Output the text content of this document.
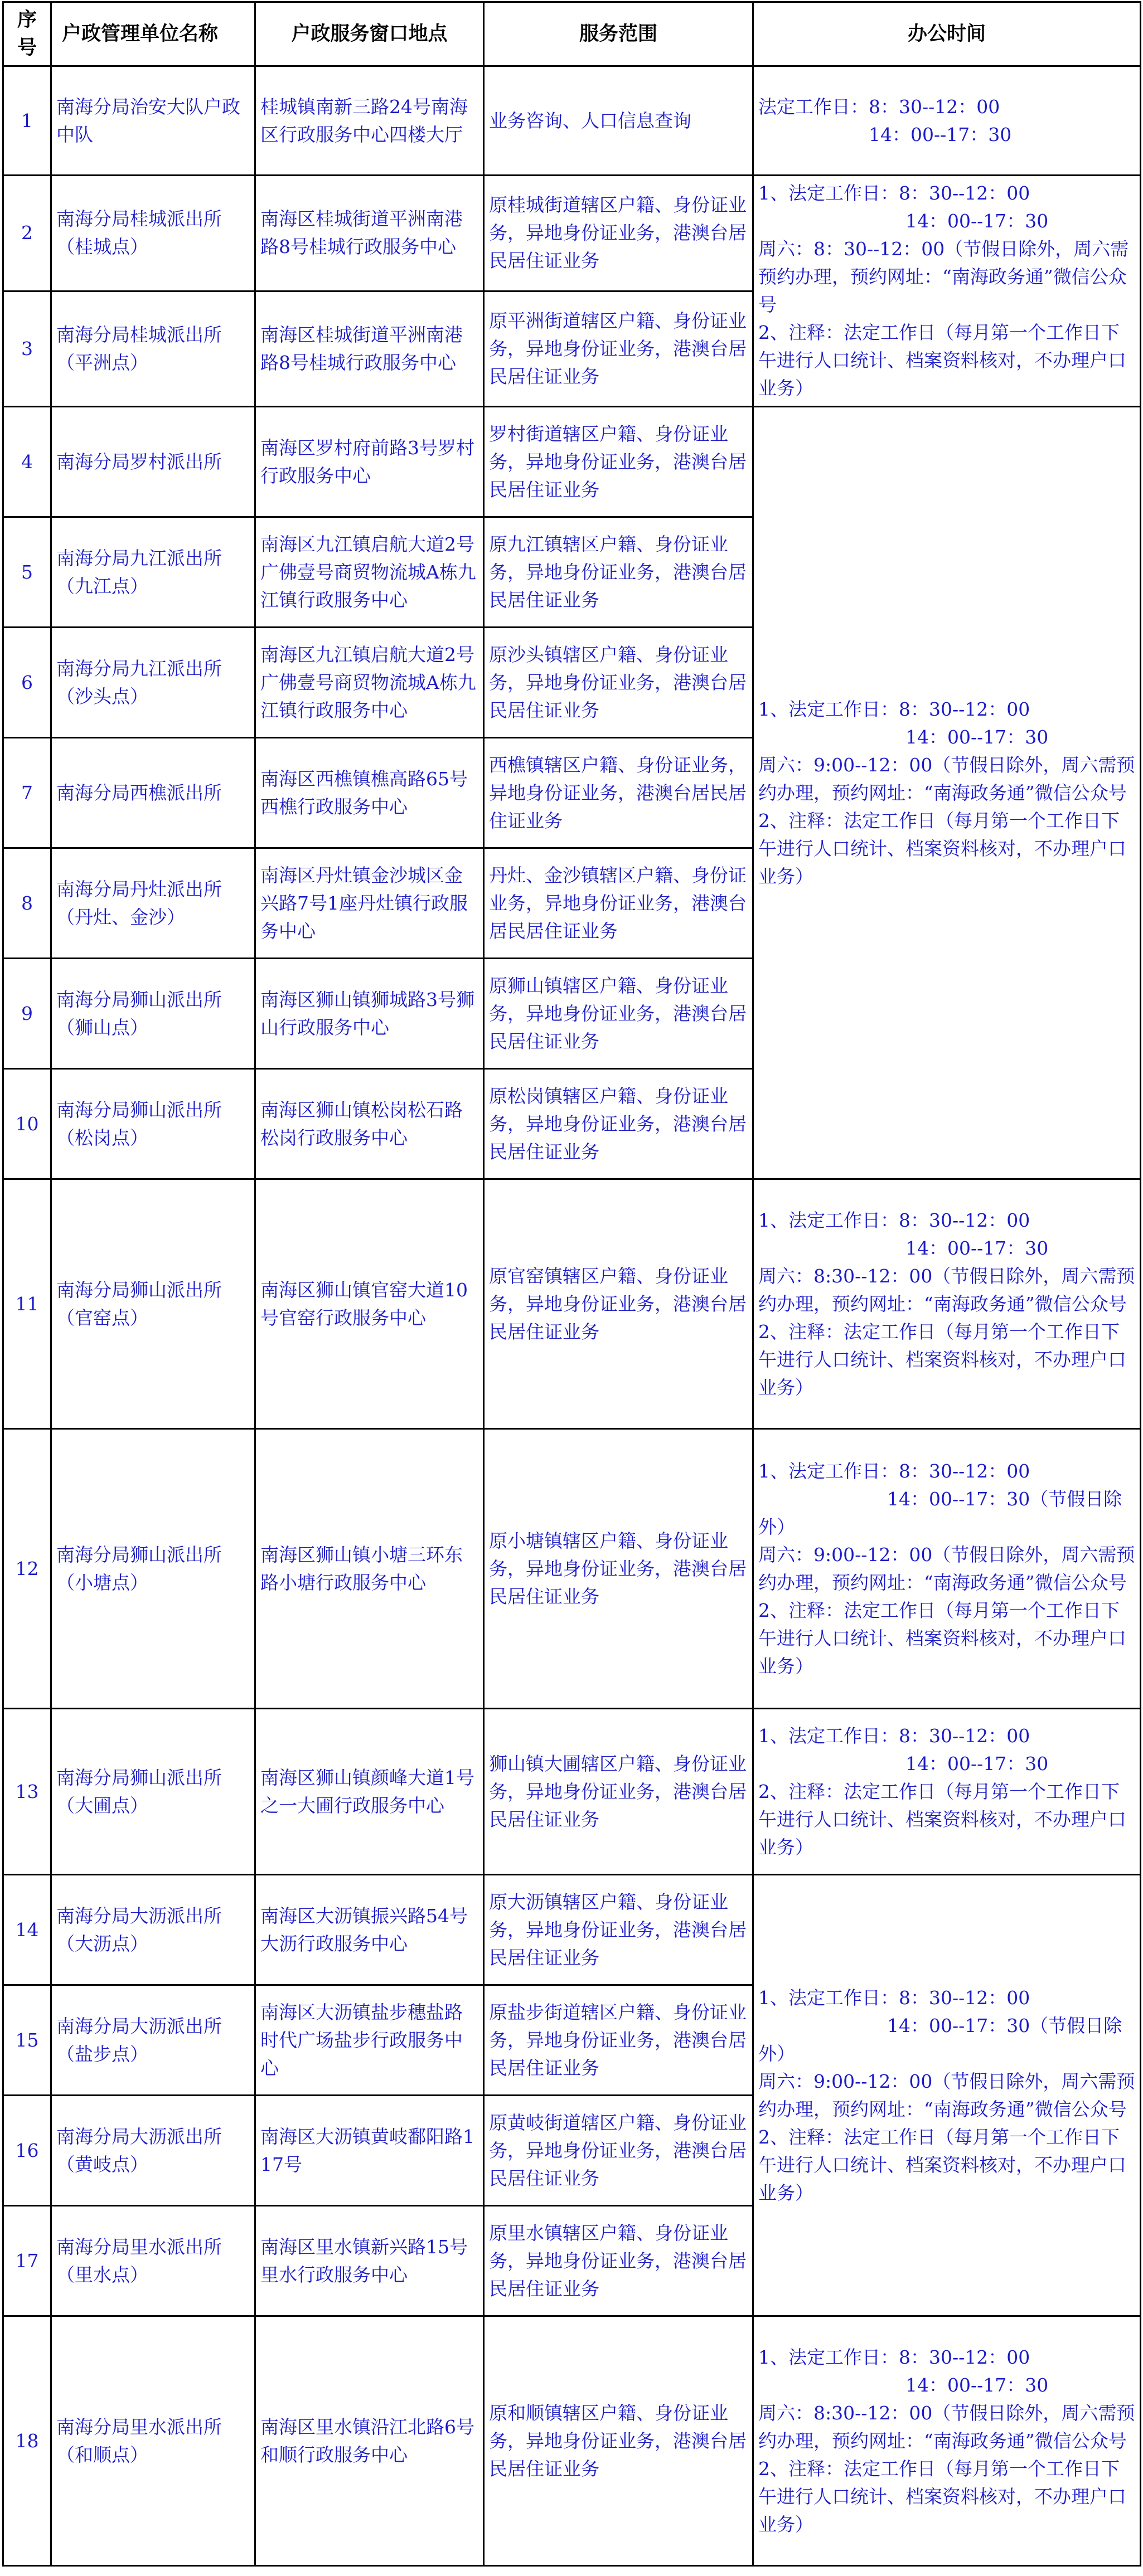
序号	户政管理单位名称	户政服务窗口地点	服务范围	办公时间
1	南海分局治安大队户政中队	桂城镇南新三路24号南海区行政服务中心四楼大厅	业务咨询、人口信息查询	法定工作日：8：30--12：00
　　　　　　14：00--17：30
2	南海分局桂城派出所（桂城点）	南海区桂城街道平洲南港路8号桂城行政服务中心	原桂城街道辖区户籍、身份证业务，异地身份证业务，港澳台居民居住证业务	1、法定工作日：8：30--12：00
　　　　　　　　14：00--17：30
周六：8：30--12：00（节假日除外，周六需预约办理，预约网址：“南海政务通”微信公众号
2、注释：法定工作日（每月第一个工作日下午进行人口统计、档案资料核对，不办理户口业务）
3	南海分局桂城派出所（平洲点）	南海区桂城街道平洲南港路8号桂城行政服务中心	原平洲街道辖区户籍、身份证业务，异地身份证业务，港澳台居民居住证业务	
4	南海分局罗村派出所	南海区罗村府前路3号罗村行政服务中心	罗村街道辖区户籍、身份证业务，异地身份证业务，港澳台居民居住证业务	1、法定工作日：8：30--12：00
　　　　　　　　14：00--17：30
周六：9:00--12：00（节假日除外，周六需预约办理，预约网址：“南海政务通”微信公众号
2、注释：法定工作日（每月第一个工作日下午进行人口统计、档案资料核对，不办理户口业务）
5	南海分局九江派出所（九江点）	南海区九江镇启航大道2号广佛壹号商贸物流城A栋九江镇行政服务中心	原九江镇辖区户籍、身份证业务，异地身份证业务，港澳台居民居住证业务	
6	南海分局九江派出所（沙头点）	南海区九江镇启航大道2号广佛壹号商贸物流城A栋九江镇行政服务中心	原沙头镇辖区户籍、身份证业务，异地身份证业务，港澳台居民居住证业务	
7	南海分局西樵派出所	南海区西樵镇樵高路65号西樵行政服务中心	西樵镇辖区户籍、身份证业务，异地身份证业务，港澳台居民居住证业务	
8	南海分局丹灶派出所（丹灶、金沙）	南海区丹灶镇金沙城区金兴路7号1座丹灶镇行政服务中心	丹灶、金沙镇辖区户籍、身份证业务，异地身份证业务，港澳台居民居住证业务	
9	南海分局狮山派出所（狮山点）	南海区狮山镇狮城路3号狮山行政服务中心	原狮山镇辖区户籍、身份证业务，异地身份证业务，港澳台居民居住证业务	
10	南海分局狮山派出所（松岗点）	南海区狮山镇松岗松石路松岗行政服务中心	原松岗镇辖区户籍、身份证业务，异地身份证业务，港澳台居民居住证业务	
11	南海分局狮山派出所（官窑点）	南海区狮山镇官窑大道10号官窑行政服务中心	原官窑镇辖区户籍、身份证业务，异地身份证业务，港澳台居民居住证业务	1、法定工作日：8：30--12：00
　　　　　　　　14：00--17：30
周六：8:30--12：00（节假日除外，周六需预约办理，预约网址：“南海政务通”微信公众号
2、注释：法定工作日（每月第一个工作日下午进行人口统计、档案资料核对，不办理户口业务）
12	南海分局狮山派出所（小塘点）	南海区狮山镇小塘三环东路小塘行政服务中心	原小塘镇辖区户籍、身份证业务，异地身份证业务，港澳台居民居住证业务	1、法定工作日：8：30--12：00
　　　　　　　14：00--17：30（节假日除外）
周六：9:00--12：00（节假日除外，周六需预约办理，预约网址：“南海政务通”微信公众号
2、注释：法定工作日（每月第一个工作日下午进行人口统计、档案资料核对，不办理户口业务）
13	南海分局狮山派出所（大圃点）	南海区狮山镇颜峰大道1号之一大圃行政服务中心	狮山镇大圃辖区户籍、身份证业务，异地身份证业务，港澳台居民居住证业务	1、法定工作日：8：30--12：00
　　　　　　　　14：00--17：30
2、注释：法定工作日（每月第一个工作日下午进行人口统计、档案资料核对，不办理户口业务）
14	南海分局大沥派出所（大沥点）	南海区大沥镇振兴路54号大沥行政服务中心	原大沥镇辖区户籍、身份证业务，异地身份证业务，港澳台居民居住证业务	1、法定工作日：8：30--12：00
　　　　　　　14：00--17：30（节假日除外）
周六：9:00--12：00（节假日除外，周六需预约办理，预约网址：“南海政务通”微信公众号
2、注释：法定工作日（每月第一个工作日下午进行人口统计、档案资料核对，不办理户口业务）
15	南海分局大沥派出所（盐步点）	南海区大沥镇盐步穗盐路时代广场盐步行政服务中心	原盐步街道辖区户籍、身份证业务，异地身份证业务，港澳台居民居住证业务	
16	南海分局大沥派出所（黄岐点）	南海区大沥镇黄岐鄱阳路117号	原黄岐街道辖区户籍、身份证业务，异地身份证业务，港澳台居民居住证业务	
17	南海分局里水派出所（里水点）	南海区里水镇新兴路15号里水行政服务中心	原里水镇辖区户籍、身份证业务，异地身份证业务，港澳台居民居住证业务	
18	南海分局里水派出所（和顺点）	南海区里水镇沿江北路6号和顺行政服务中心	原和顺镇辖区户籍、身份证业务，异地身份证业务，港澳台居民居住证业务	1、法定工作日：8：30--12：00
　　　　　　　　14：00--17：30
周六：8:30--12：00（节假日除外，周六需预约办理，预约网址：“南海政务通”微信公众号
2、注释：法定工作日（每月第一个工作日下午进行人口统计、档案资料核对，不办理户口业务）
